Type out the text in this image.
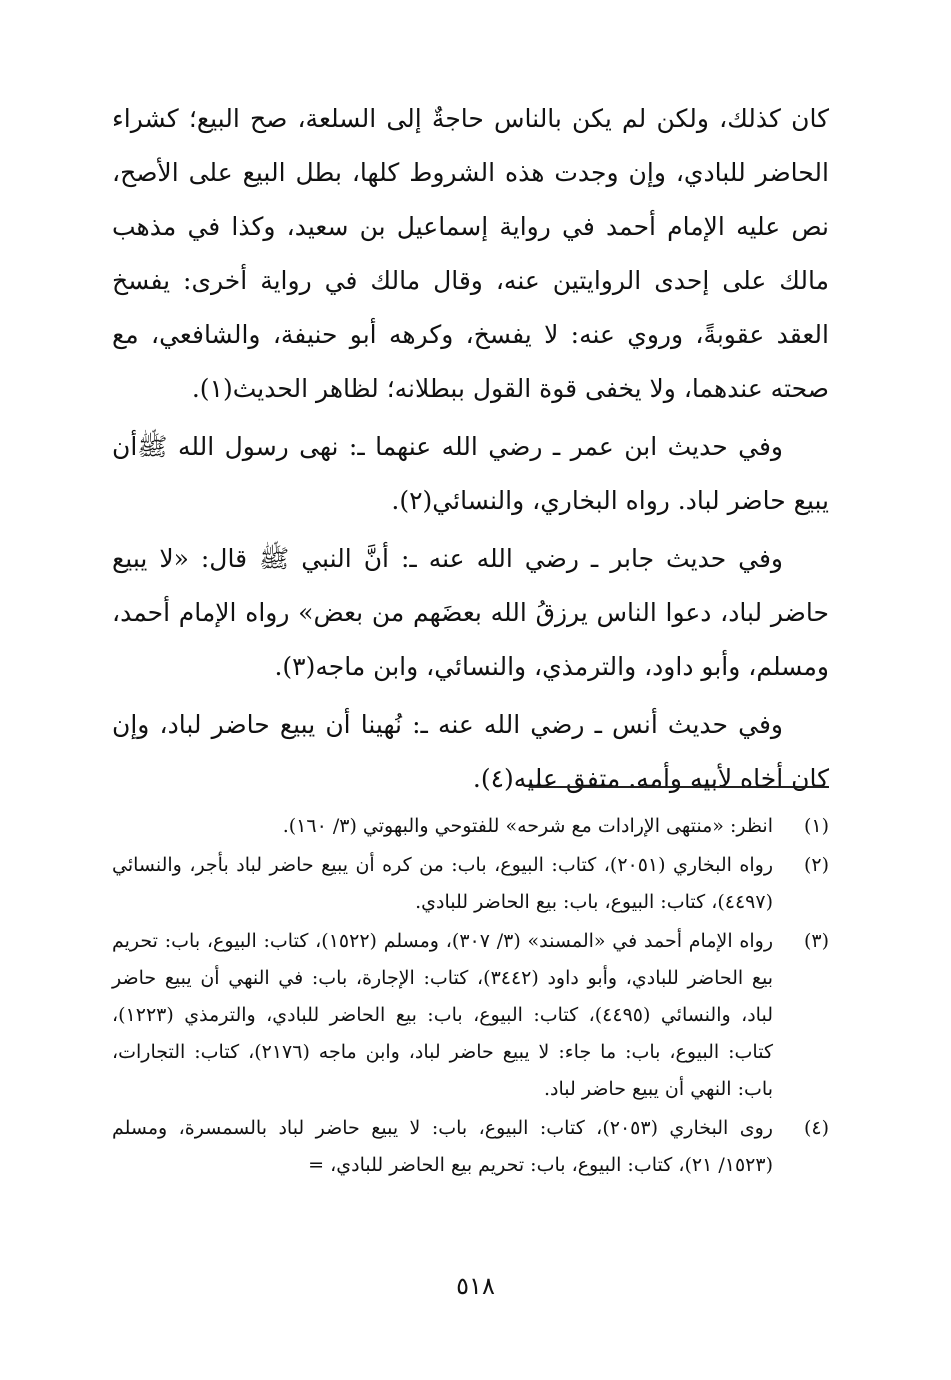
كان كذلك، ولكن لم يكن بالناس حاجةٌ إلى السلعة، صح البيع؛ كشراء الحاضر للبادي، وإن وجدت هذه الشروط كلها، بطل البيع على الأصح، نص عليه الإمام أحمد في رواية إسماعيل بن سعيد، وكذا في مذهب مالك على إحدى الروايتين عنه، وقال مالك في رواية أخرى: يفسخ العقد عقوبةً، وروي عنه: لا يفسخ، وكرهه أبو حنيفة، والشافعي، مع صحته عندهما، ولا يخفى قوة القول ببطلانه؛ لظاهر الحديث(١).

وفي حديث ابن عمر ـ رضي الله عنهما ـ: نهى رسول الله ﷺأن يبيع حاضر لباد. رواه البخاري، والنسائي(٢).

وفي حديث جابر ـ رضي الله عنه ـ: أنَّ النبي ﷺ قال: «لا يبيع حاضر لباد، دعوا الناس يرزقُ الله بعضَهم من بعض» رواه الإمام أحمد، ومسلم، وأبو داود، والترمذي، والنسائي، وابن ماجه(٣).

وفي حديث أنس ـ رضي الله عنه ـ: نُهينا أن يبيع حاضر لباد، وإن كان أخاه لأبيه وأمه. متفق عليه(٤).

(١)
انظر: «منتهى الإرادات مع شرحه» للفتوحي والبهوتي (٣/ ١٦٠).
(٢)
رواه البخاري (٢٠٥١)، كتاب: البيوع، باب: من كره أن يبيع حاضر لباد بأجر، والنسائي (٤٤٩٧)، كتاب: البيوع، باب: بيع الحاضر للبادي.
(٣)
رواه الإمام أحمد في «المسند» (٣/ ٣٠٧)، ومسلم (١٥٢٢)، كتاب: البيوع، باب: تحريم بيع الحاضر للبادي، وأبو داود (٣٤٤٢)، كتاب: الإجارة، باب: في النهي أن يبيع حاضر لباد، والنسائي (٤٤٩٥)، كتاب: البيوع، باب: بيع الحاضر للبادي، والترمذي (١٢٢٣)، كتاب: البيوع، باب: ما جاء: لا يبيع حاضر لباد، وابن ماجه (٢١٧٦)، كتاب: التجارات، باب: النهي أن يبيع حاضر لباد.
(٤)
روى البخاري (٢٠٥٣)، كتاب: البيوع، باب: لا يبيع حاضر لباد بالسمسرة، ومسلم (١٥٢٣/ ٢١)، كتاب: البيوع، باب: تحريم بيع الحاضر للبادي، =
٥١٨
